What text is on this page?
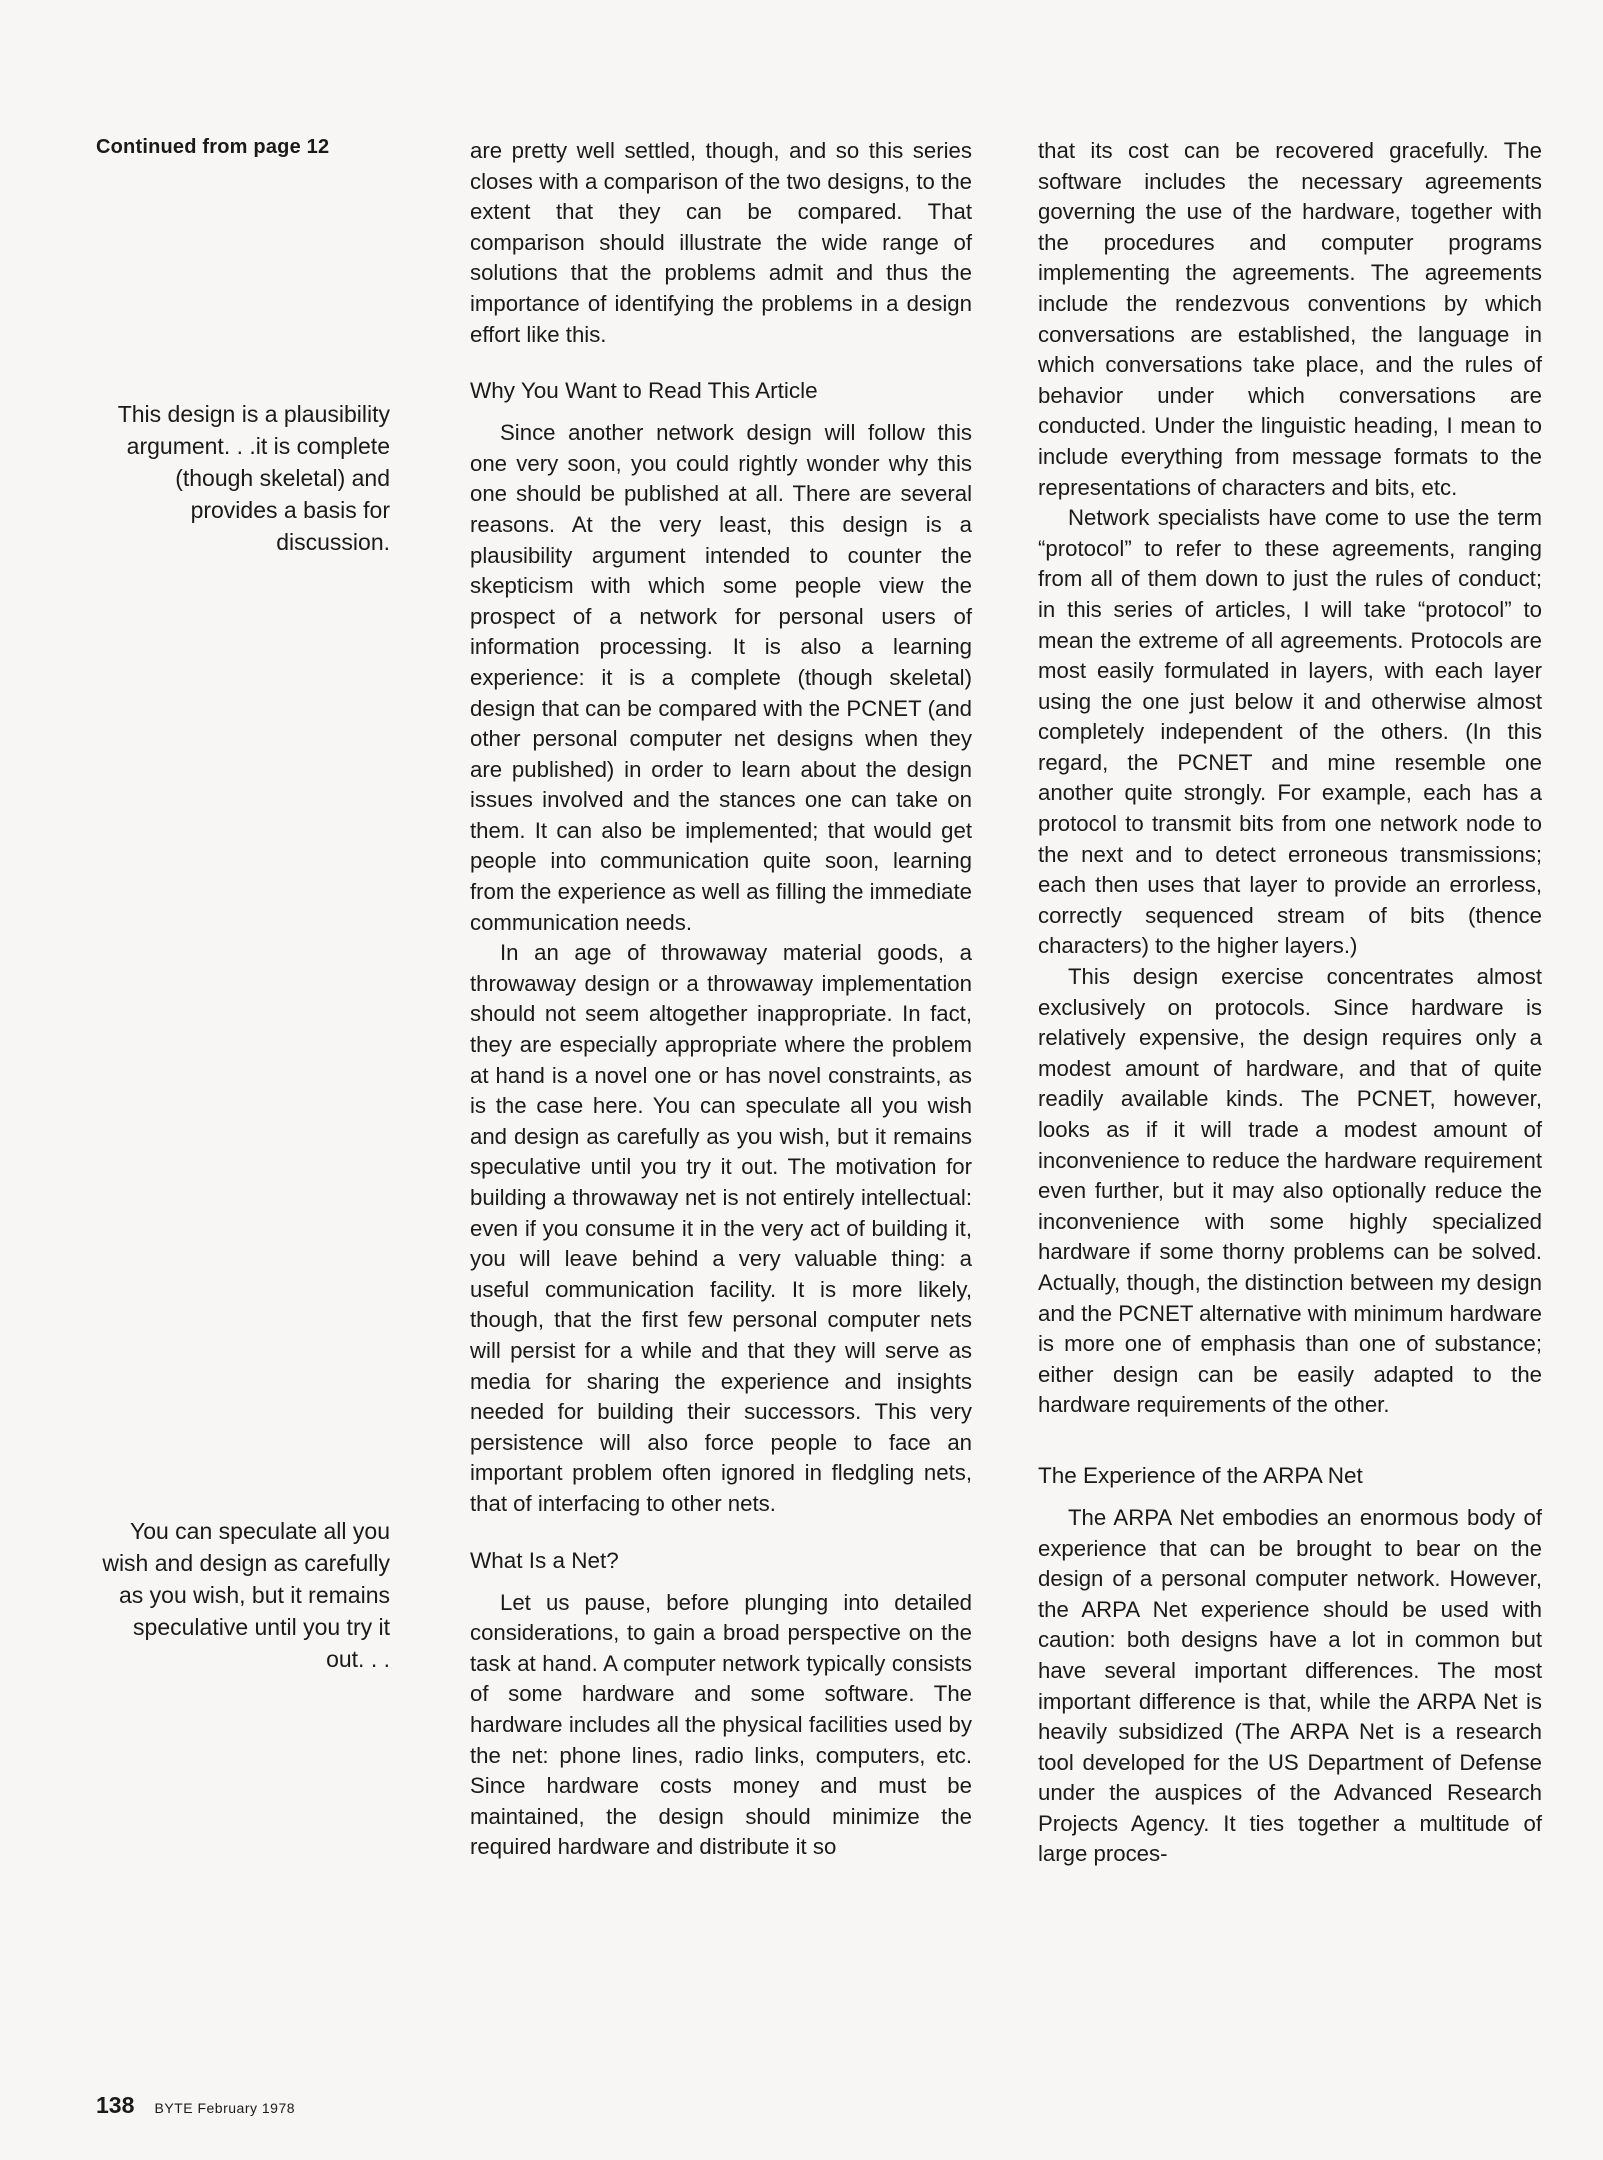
Continued from page 12
This design is a plausibility argument. . .it is complete (though skeletal) and provides a basis for discussion.
You can speculate all you wish and design as carefully as you wish, but it remains speculative until you try it out. . .

are pretty well settled, though, and so this series closes with a comparison of the two designs, to the extent that they can be compared. That comparison should illustrate the wide range of solutions that the problems admit and thus the importance of identifying the problems in a design effort like this.

Why You Want to Read This Article

Since another network design will follow this one very soon, you could rightly wonder why this one should be published at all. There are several reasons. At the very least, this design is a plausibility argument intended to counter the skepticism with which some people view the prospect of a network for personal users of information processing. It is also a learning experience: it is a complete (though skeletal) design that can be compared with the PCNET (and other personal computer net designs when they are published) in order to learn about the design issues involved and the stances one can take on them. It can also be implemented; that would get people into communication quite soon, learning from the experience as well as filling the immediate communication needs.

In an age of throwaway material goods, a throwaway design or a throwaway implementation should not seem altogether inappropriate. In fact, they are especially appropriate where the problem at hand is a novel one or has novel constraints, as is the case here. You can speculate all you wish and design as carefully as you wish, but it remains speculative until you try it out. The motivation for building a throwaway net is not entirely intellectual: even if you consume it in the very act of building it, you will leave behind a very valuable thing: a useful communication facility. It is more likely, though, that the first few personal computer nets will persist for a while and that they will serve as media for sharing the experience and insights needed for building their successors. This very persistence will also force people to face an important problem often ignored in fledgling nets, that of interfacing to other nets.

What Is a Net?

Let us pause, before plunging into detailed considerations, to gain a broad perspective on the task at hand. A computer network typically consists of some hardware and some software. The hardware includes all the physical facilities used by the net: phone lines, radio links, computers, etc. Since hardware costs money and must be maintained, the design should minimize the required hardware and distribute it so

that its cost can be recovered gracefully. The software includes the necessary agreements governing the use of the hardware, together with the procedures and computer programs implementing the agreements. The agreements include the rendezvous conventions by which conversations are established, the language in which conversations take place, and the rules of behavior under which conversations are conducted. Under the linguistic heading, I mean to include everything from message formats to the representations of characters and bits, etc.

Network specialists have come to use the term “protocol” to refer to these agreements, ranging from all of them down to just the rules of conduct; in this series of articles, I will take “protocol” to mean the extreme of all agreements. Protocols are most easily formulated in layers, with each layer using the one just below it and otherwise almost completely independent of the others. (In this regard, the PCNET and mine resemble one another quite strongly. For example, each has a protocol to transmit bits from one network node to the next and to detect erroneous transmissions; each then uses that layer to provide an errorless, correctly sequenced stream of bits (thence characters) to the higher layers.)

This design exercise concentrates almost exclusively on protocols. Since hardware is relatively expensive, the design requires only a modest amount of hardware, and that of quite readily available kinds. The PCNET, however, looks as if it will trade a modest amount of inconvenience to reduce the hardware requirement even further, but it may also optionally reduce the inconvenience with some highly specialized hardware if some thorny problems can be solved. Actually, though, the distinction between my design and the PCNET alternative with minimum hardware is more one of emphasis than one of substance; either design can be easily adapted to the hardware requirements of the other.

The Experience of the ARPA Net

The ARPA Net embodies an enormous body of experience that can be brought to bear on the design of a personal computer network. However, the ARPA Net experience should be used with caution: both designs have a lot in common but have several important differences. The most important difference is that, while the ARPA Net is heavily subsidized (The ARPA Net is a research tool developed for the US Department of Defense under the auspices of the Advanced Research Projects Agency. It ties together a multitude of large proces-

138 BYTE February 1978
